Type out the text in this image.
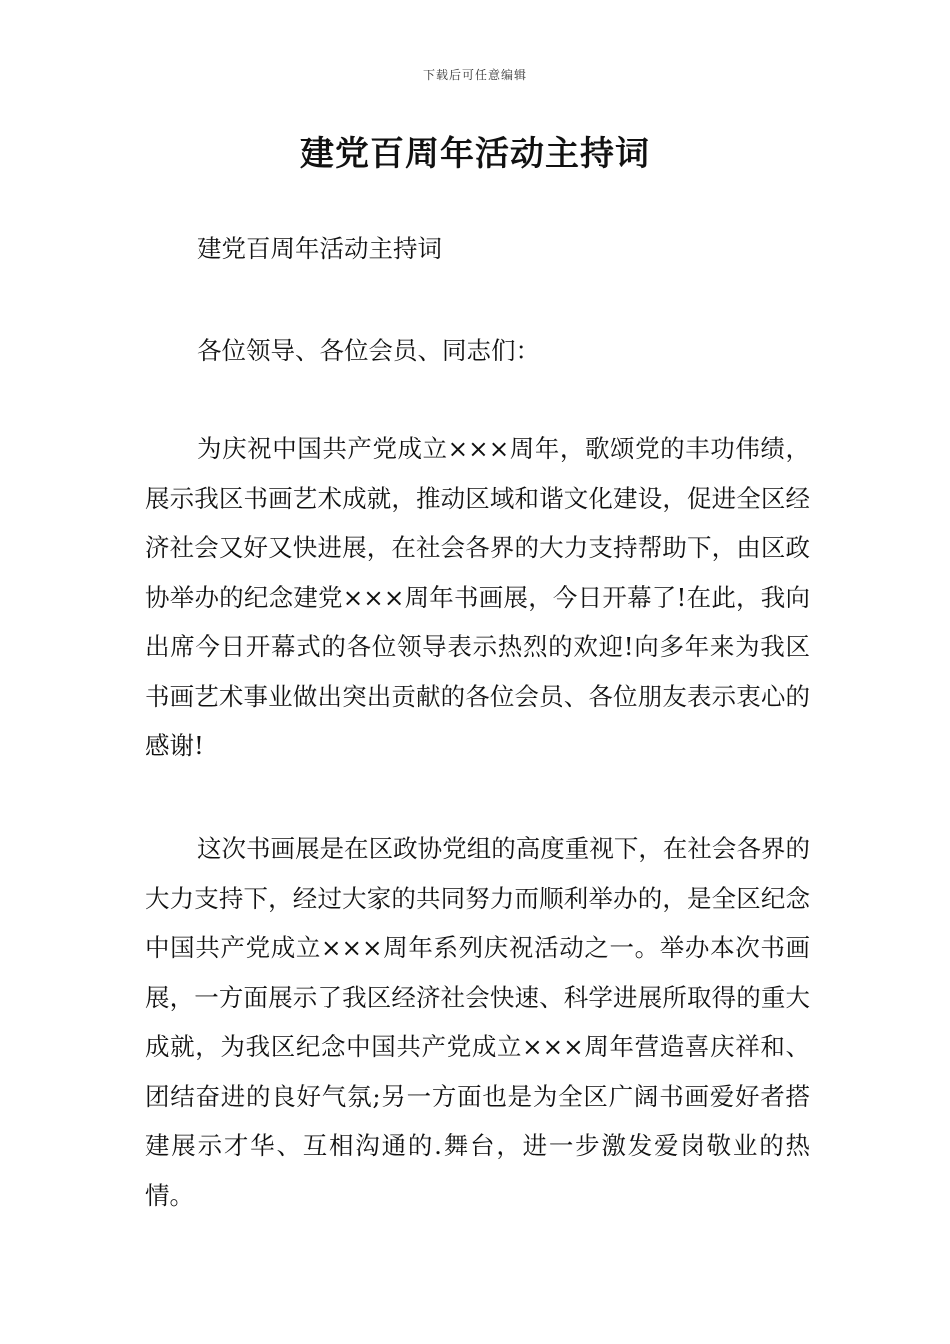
下载后可任意编辑
建党百周年活动主持词

建党百周年活动主持词

各位领导、各位会员、同志们：

为庆祝中国共产党成立×××周年，歌颂党的丰功伟绩，展示我区书画艺术成就，推动区域和谐文化建设，促进全区经济社会又好又快进展，在社会各界的大力支持帮助下，由区政协举办的纪念建党×××周年书画展，今日开幕了!在此，我向出席今日开幕式的各位领导表示热烈的欢迎!向多年来为我区书画艺术事业做出突出贡献的各位会员、各位朋友表示衷心的感谢!

这次书画展是在区政协党组的高度重视下，在社会各界的大力支持下，经过大家的共同努力而顺利举办的，是全区纪念中国共产党成立×××周年系列庆祝活动之一。举办本次书画展，一方面展示了我区经济社会快速、科学进展所取得的重大成就，为我区纪念中国共产党成立×××周年营造喜庆祥和、团结奋进的良好气氛;另一方面也是为全区广阔书画爱好者搭建展示才华、互相沟通的.舞台，进一步激发爱岗敬业的热情。
